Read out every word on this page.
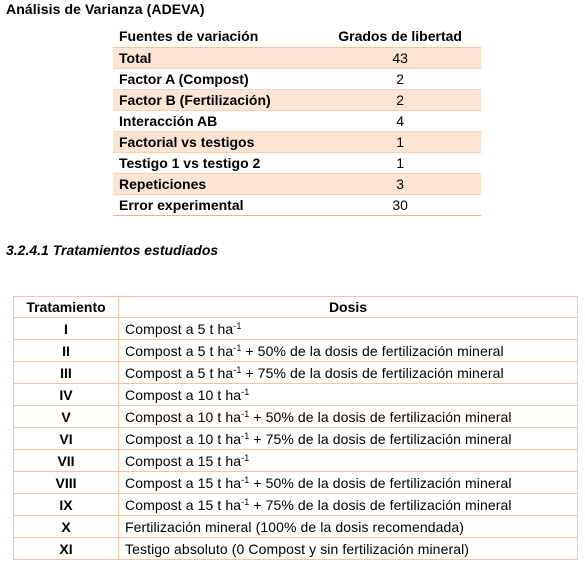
Análisis de Varianza (ADEVA)
Fuentes de variación	Grados de libertad
Total	43
Factor A (Compost)	2
Factor B (Fertilización)	2
Interacción AB	4
Factorial vs testigos	1
Testigo 1 vs testigo 2	1
Repeticiones	3
Error experimental	30
3.2.4.1 Tratamientos estudiados
Tratamiento	Dosis
I	Compost a 5 t $ha^{-1}$
II	Compost a 5 t $ha^{-1} + 50\%$ de la dosis de fertilización mineral
III	Compost a 5 t $ha^{-1} + 75\%$ de la dosis de fertilización mineral
IV	Compost a 10 t $ha^{-1}$
V	Compost a 10 t $ha^{-1} + 50\%$ de la dosis de fertilización mineral
VI	Compost a 10 t $ha^{-1} + 75\%$ de la dosis de fertilización mineral
VII	Compost a 15 t $ha^{-1}$
VIII	Compost a 15 t $ha^{-1} + 50\%$ de la dosis de fertilización mineral
IX	Compost a 15 t $ha^{-1} + 75\%$ de la dosis de fertilización mineral
X	Fertilización mineral (100% de la dosis recomendada)
XI	Testigo absoluto (0 Compost y sin fertilización mineral)
